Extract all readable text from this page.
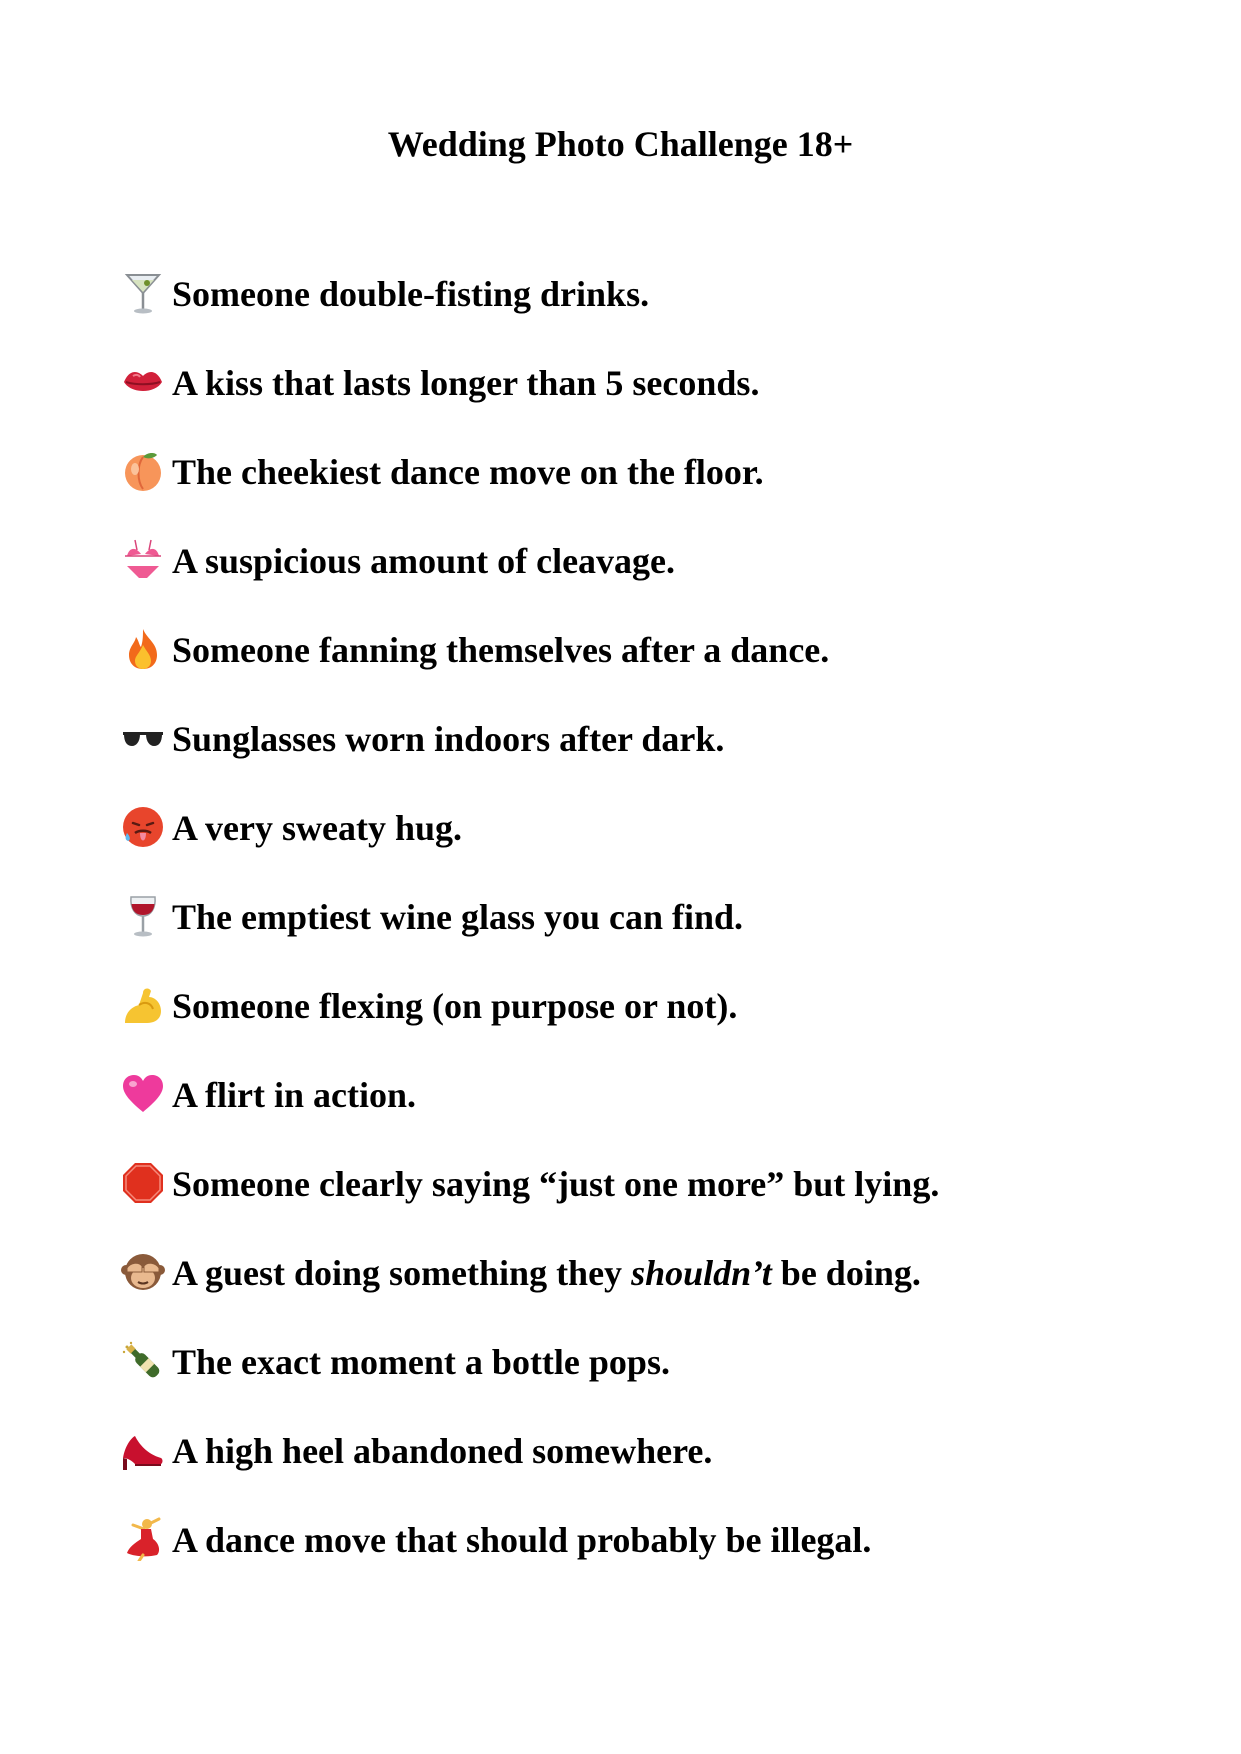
Wedding Photo Challenge 18+
Someone double-fisting drinks.
A kiss that lasts longer than 5 seconds.
The cheekiest dance move on the floor.
A suspicious amount of cleavage.
Someone fanning themselves after a dance.
Sunglasses worn indoors after dark.
A very sweaty hug.
The emptiest wine glass you can find.
Someone flexing (on purpose or not).
A flirt in action.
Someone clearly saying “just one more” but lying.
A guest doing something they shouldn’t be doing.
The exact moment a bottle pops.
A high heel abandoned somewhere.
A dance move that should probably be illegal.
